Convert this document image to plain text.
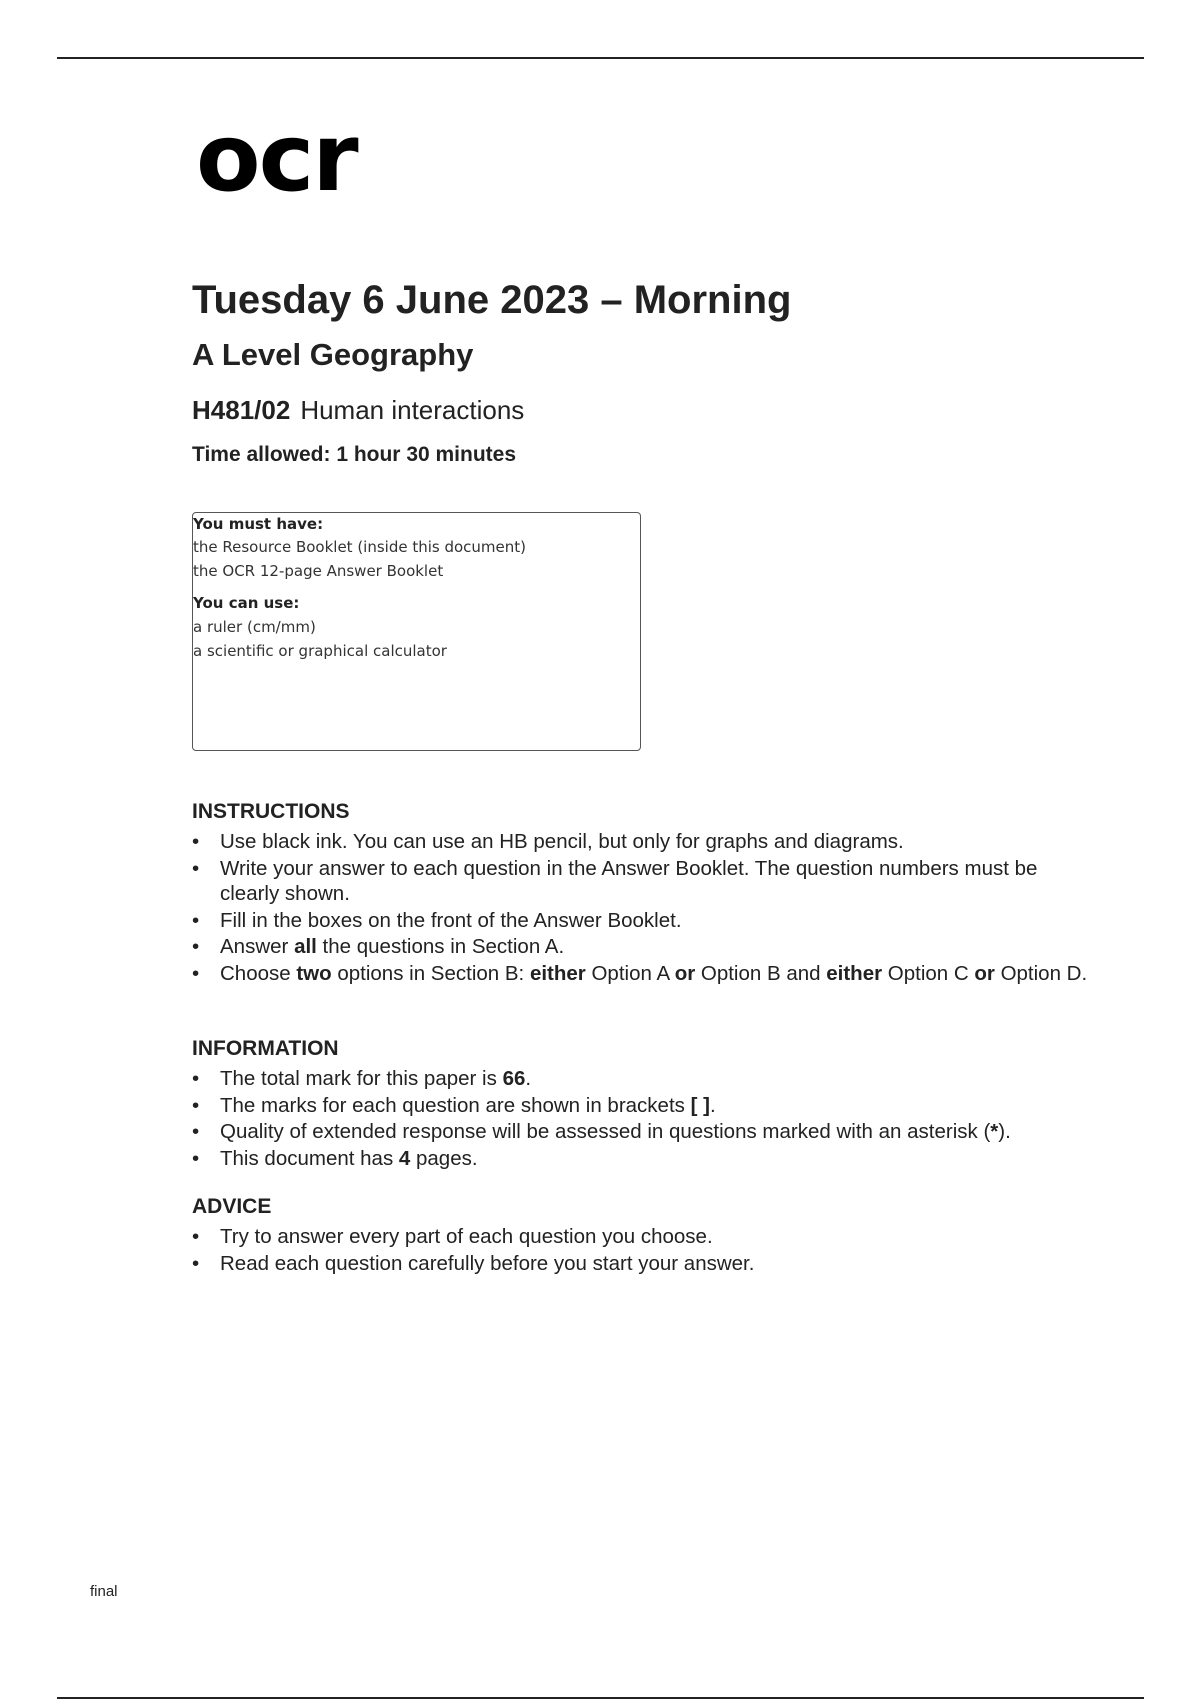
ocr
Tuesday 6 June 2023 – Morning
A Level Geography
H481/02 Human interactions
Time allowed: 1 hour 30 minutes
You must have:
the Resource Booklet (inside this document)
the OCR 12-page Answer Booklet
You can use:
a ruler (cm/mm)
a scientific or graphical calculator
INSTRUCTIONS
• Use black ink. You can use an HB pencil, but only for graphs and diagrams.
• Write your answer to each question in the Answer Booklet. The question numbers must be clearly shown.
• Fill in the boxes on the front of the Answer Booklet.
• Answer all the questions in Section A.
• Choose two options in Section B: either Option A or Option B and either Option C or Option D.
INFORMATION
• The total mark for this paper is 66.
• The marks for each question are shown in brackets [ ].
• Quality of extended response will be assessed in questions marked with an asterisk (*).
• This document has 4 pages.
ADVICE
• Try to answer every part of each question you choose.
• Read each question carefully before you start your answer.
final
